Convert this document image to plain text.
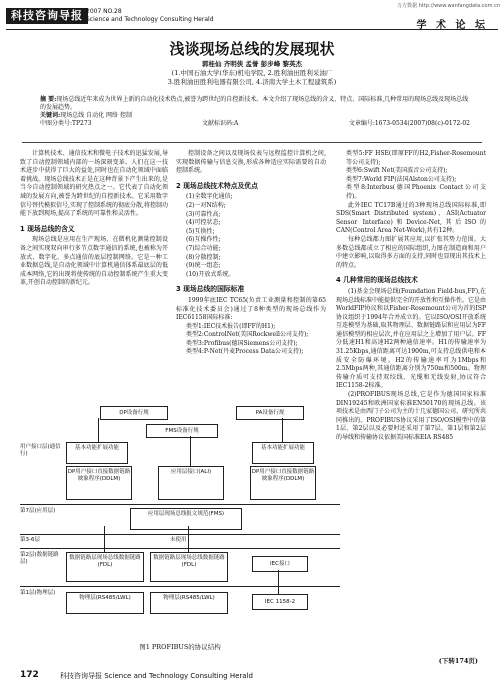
科技咨询导报 2007 NO.28
Science and Technology Consulting Herald
万方数据 http://www.wanfangdata.com.cn
学 术 论 坛
浅谈现场总线的发展现状
郭桂仙 齐明侠 孟誉 彭步峰 黎英杰
(1.中国石油大学(华东)机电学院, 2.胜利油田胜利采油厂
3.胜利油田胜利电器有限公司, 4.济南大学土木工程建筑系)
摘 要:现场总线近年来成为世界上新的自动化技术热点,被誉为跨世纪的自控新技术。本文介绍了现场总线的含义、特点、国际标准,几种常用的现场总线及现场总线的发展趋势。
关键词:现场总线 自动化 网络 控制
中图分类号:TP273	文献标识码:A	文章编号:1673-0534(2007)08(c)-0172-02

计算机技术、通信技术和微电子技术的迅猛发展,导致了自动控制领域内部的一场深刻变革。人们在这一技术进步中获得了巨大的益处,同时也在自动化领域中面临着挑战。现场总线技术正是在这种背景下产生出来的,是当今自动控制领域的研究热点之一。它代表了自动化领域的发展方向,被誉为跨世纪的自控新技术。它采用数字信号替代模拟信号,实现了控制系统的彻底分散,将控制功能下放到现场,提高了系统的可靠性和灵活性。

1 现场总线的含义

现场总线是应用在生产现场、在微机化测量控制设备之间实现双向串行多节点数字通信的系统,也被称为开放式、数字化、多点通信的底层控制网络。它是一种工业数据总线,是自动化领域中计算机通信体系最底层的低成本网络,它的出现将使传统的自动控制系统产生重大变革,开创自动控制的新纪元。

控制设备之间以及现场仪表与远程监控计算机之间,实现数据传输与信息交换,形成各种适应实际需要的自动控制系统。

2 现场总线技术特点及优点

(1)全数字化通信;
(2)一对N结构;
(3)可靠性高;
(4)可控状态;
(5)互换性;
(6)互操作性;
(7)综合功能;
(8)分散控制;
(9)统一组态;
(10)开放式系统。

3 现场总线的国际标准

1999年底IEC TC65(负责工业测量和控制的第65标准化技术委员会)通过了8种类型的现场总线作为IEC61158国际标准:

类型1:IEC技术报告(即FF的H1);
类型2:ControlNet(美国Rockwell公司支持);
类型3:Profibus(德国Siemens公司支持);
类型4:P-Net(丹麦Process Data公司支持);
类型5:FF HSE(即原FF的H2,Fisher-Rosemount等公司支持);
类型6:Swift Net(美国波音公司支持);
类型7:World FIP(法国Alston公司支持);
类型8:Interbus(德国Phoenix Contact公司支持)。

此外IEC TC17B通过的3种现场总线国际标准,即SDS(Smart Distributed system)、ASI(Actuator Sensor Interface)和Device-Net,其后ISO的CAN(Control Area Net-Work),共有12种。

每种总线都力图扩展其应用,以扩张其势力范围。大多数总线都成立了相应的国际组织,力图在制造商和用户中建立影响,以取得多方面的支持,同时也显现出其技术上的特点。

4 几种常用的现场总线技术

(1)基金会现场总线(Foundation Field-bus,FF),在现场总线标准中能提供完全的开放性和互操作性。它是由WorldFIP协议和以Fisher-Rosemount公司为首的ISP协议组织于1994年合并成立的。它以ISO/OSI开放系统互连模型为基础,取其物理层、数据链路层和应用层为FF通信模型的相应层次,并在应用层之上增加了用户层。FF分低速H1和高速H2两种通信速率。H1的传输速率为31.25Kbps,通信距离可达1900m,可支持总线供电和本质安全防爆环境。H2的传输速率可为1Mbps和2.5Mbps两种,其通信距离分别为750m和500m。物理传输介质可支持双绞线、光缆和无线发射,协议符合IEC1158-2标准。

(2)PROFIBUS现场总线,它是作为德国国家标准DIN19245和欧洲国家标准EN50170的现场总线。该项技术是由西门子公司为主的十几家德国公司、研究所共同推出的。PROFIBUS协议采用了ISO/OSI模型中的第1层、第2层以及必要时还采用了第7层。第1层和第2层的导线和传输协议依据美国标准EIA RS485

DP设备行规
FMS设备行规
PA设备行规
用户接口层(通信行)
基本功能扩展功能	基本功能扩展功能
DP用户接口直接数据链路映象程序(DDLM)
应用层接口(ALI)	DP用户接口直接数据链路映象程序(DDLM)
第7层(应用层)	应用层现场总线报文规范(FMS)
第3-6层	未使用
第2层(数据链路层)
数据链路层现场总线数据链路(FDL)
数据链路层现场总线数据链路(FDL)	IEC接口
第1层(物理层)
物理层(RS485/LWL)	物理层(RS485/LWL)
IEC 1158-2
图1 PROFIBUS的协议结构
(下转174页)
172	科技咨询导报 Science and Technology Consulting Herald
